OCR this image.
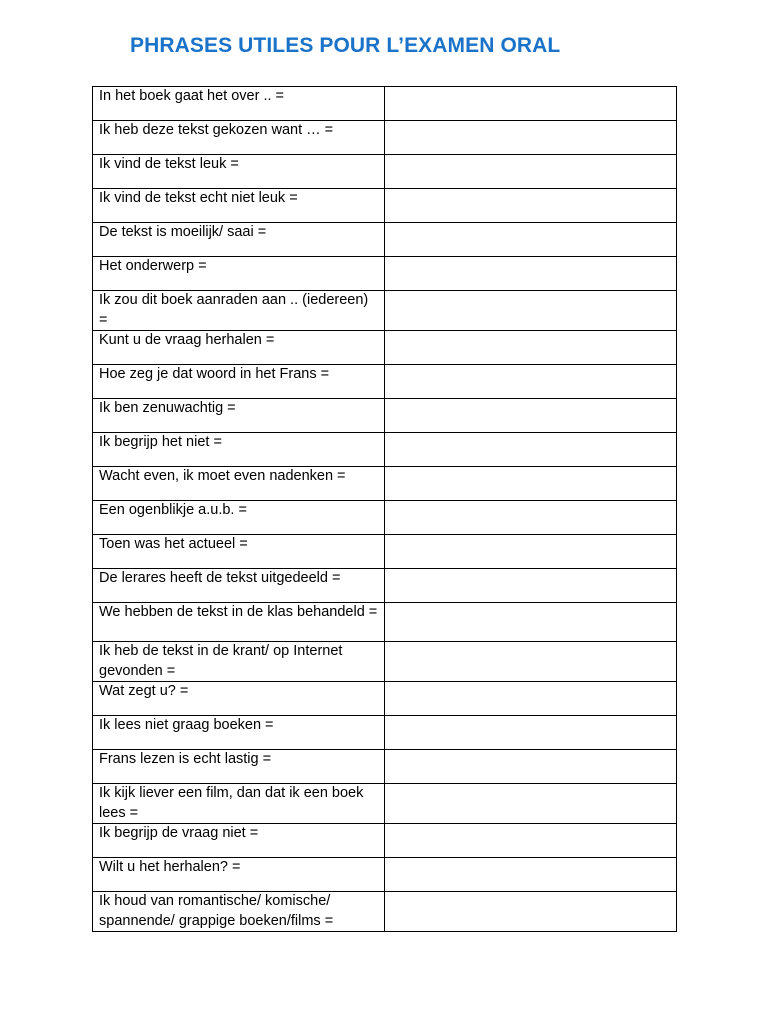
PHRASES UTILES POUR L’EXAMEN ORAL
In het boek gaat het over .. =	

Ik heb deze tekst gekozen want … =	

Ik vind de tekst leuk =	

Ik vind de tekst echt niet leuk =	

De tekst is moeilijk/ saai =	

Het onderwerp =	

Ik zou dit boek aanraden aan .. (iedereen) =	

Kunt u de vraag herhalen =	

Hoe zeg je dat woord in het Frans =	

Ik ben zenuwachtig =	

Ik begrijp het niet =	

Wacht even, ik moet even nadenken =	

Een ogenblikje a.u.b. =	

Toen was het actueel =	

De lerares heeft de tekst uitgedeeld =	

We hebben de tekst in de klas behandeld =	

Ik heb de tekst in de krant/ op Internet gevonden =	

Wat zegt u? =	

Ik lees niet graag boeken =	

Frans lezen is echt lastig =	

Ik kijk liever een film, dan dat ik een boek lees =	

Ik begrijp de vraag niet =	

Wilt u het herhalen? =	

Ik houd van romantische/ komische/ spannende/ grappige boeken/films =	
